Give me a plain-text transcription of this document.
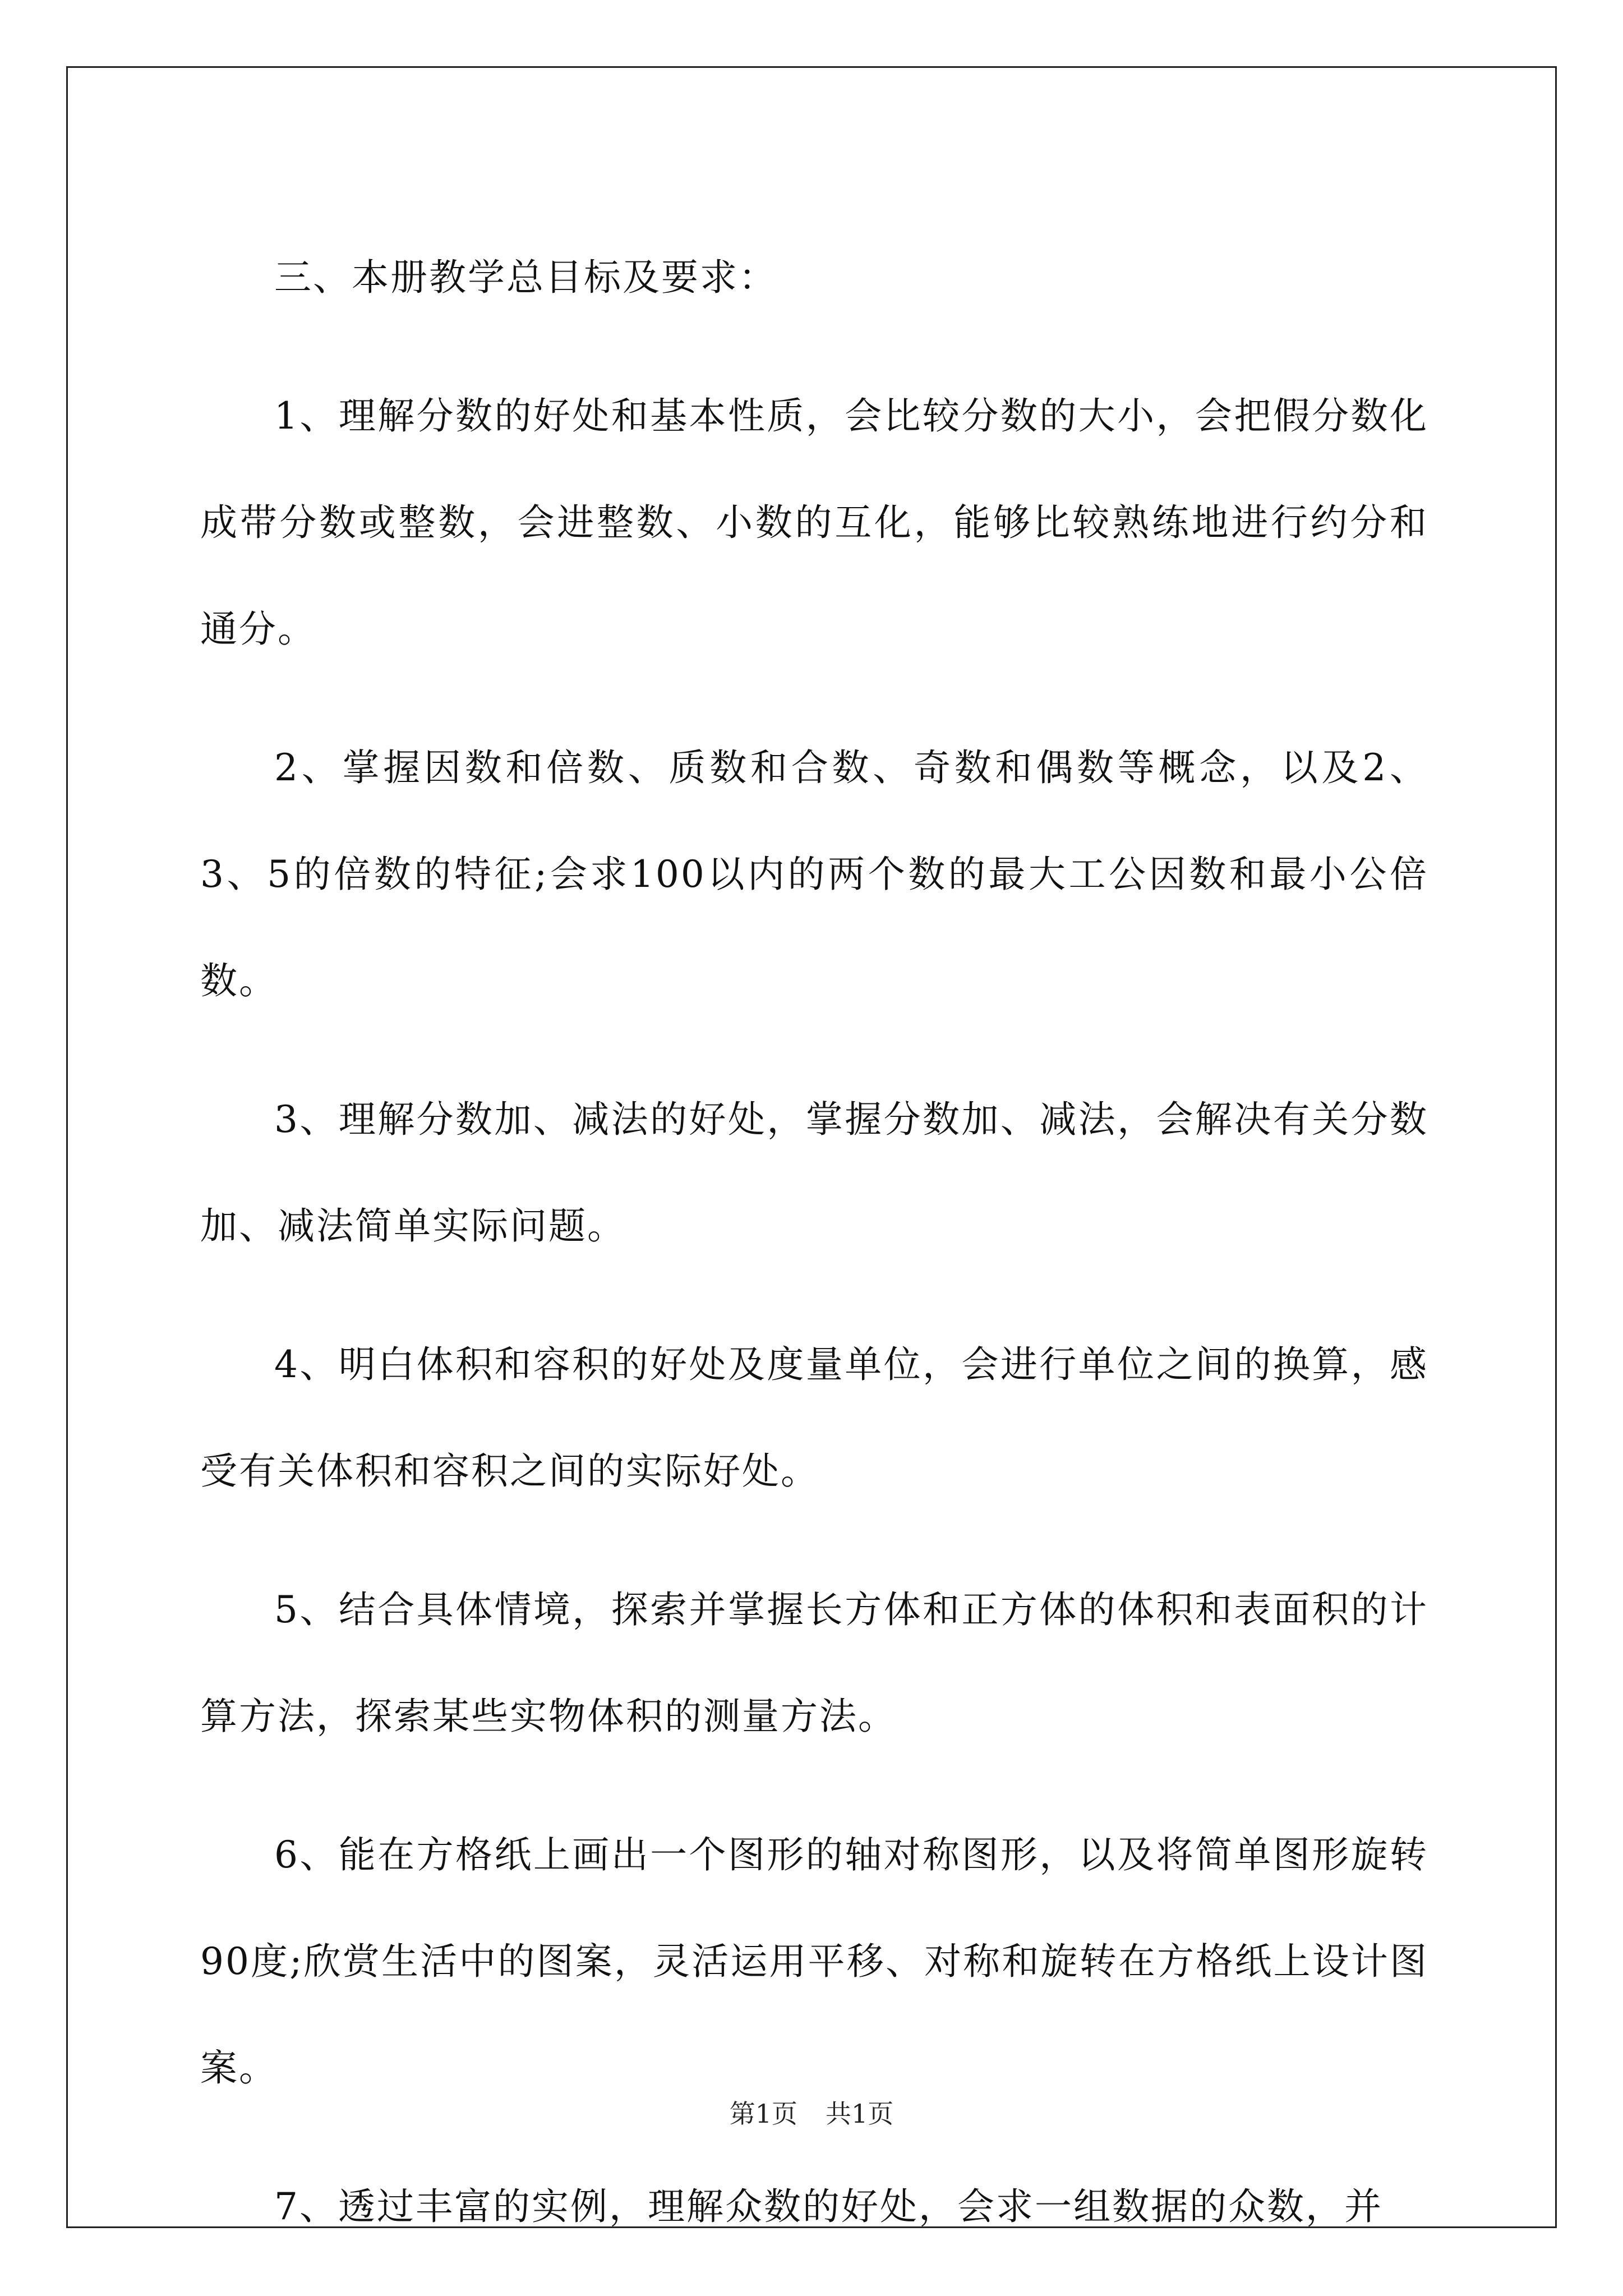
三、本册教学总目标及要求：

1、理解分数的好处和基本性质，会比较分数的大小，会把假分数化成带分数或整数，会进整数、小数的互化，能够比较熟练地进行约分和通分。

2、掌握因数和倍数、质数和合数、奇数和偶数等概念，以及2、3、5的倍数的特征;会求100以内的两个数的最大工公因数和最小公倍数。

3、理解分数加、减法的好处，掌握分数加、减法，会解决有关分数加、减法简单实际问题。

4、明白体积和容积的好处及度量单位，会进行单位之间的换算，感受有关体积和容积之间的实际好处。

5、结合具体情境，探索并掌握长方体和正方体的体积和表面积的计算方法，探索某些实物体积的测量方法。

6、能在方格纸上画出一个图形的轴对称图形，以及将简单图形旋转90度;欣赏生活中的图案，灵活运用平移、对称和旋转在方格纸上设计图案。

7、透过丰富的实例，理解众数的好处，会求一组数据的众数，并

第1页 共1页
